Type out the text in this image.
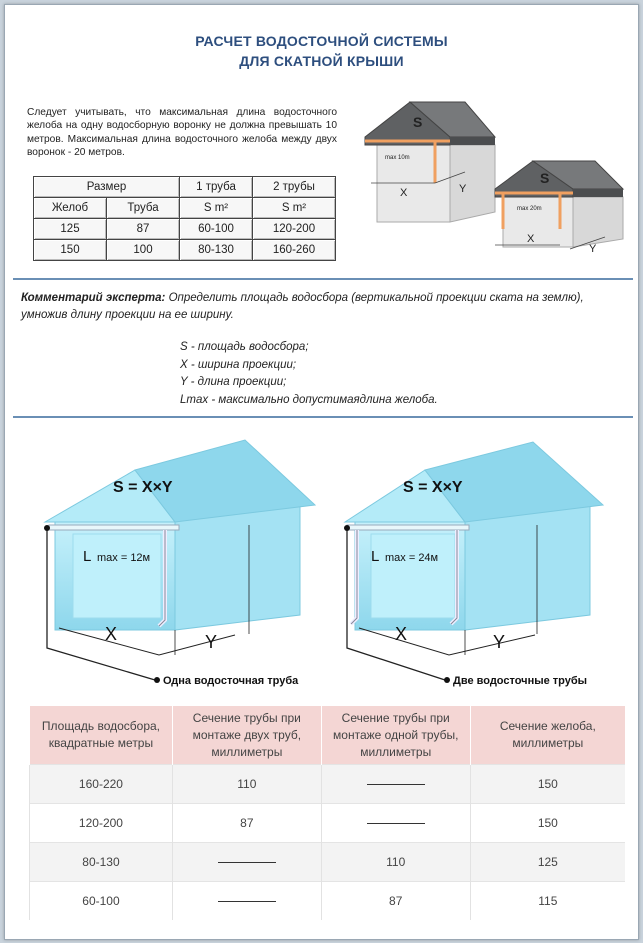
РАСЧЕТ ВОДОСТОЧНОЙ СИСТЕМЫ
ДЛЯ СКАТНОЙ КРЫШИ
Следует учитывать, что максимальная длина водосточного желоба на одну водосборную воронку не должна превышать 10 метров. Максимальная длина водосточного желоба между двух воронок - 20 метров.
Размер		1 труба	2 трубы
Желоб	Труба	S m²	S m²
125	87	60-100	120-200
150	100	80-130	160-260
S
max 10m
X	Y
S
max 20m
X
Y
Комментарий эксперта: Определить площадь водосбора (вертикальной проекции ската на землю), умножив длину проекции на ее ширину.
S - площадь водосбора;
X - ширина проекции;
Y - длина проекции;
Lmax - максимально допустимаядлина желоба.
S = X×Y
L max = 12м
X	Y
Одна водосточная труба
S = X×Y
L max = 24м
X	Y
Две водосточные трубы
Площадь водосбора, квадратные метры	Сечение трубы при монтаже двух труб, миллиметры	Сечение трубы при монтаже одной трубы, миллиметры	Сечение желоба, миллиметры
160-220	110		150
120-200	87		150
80-130		110	125
60-100		87	115
